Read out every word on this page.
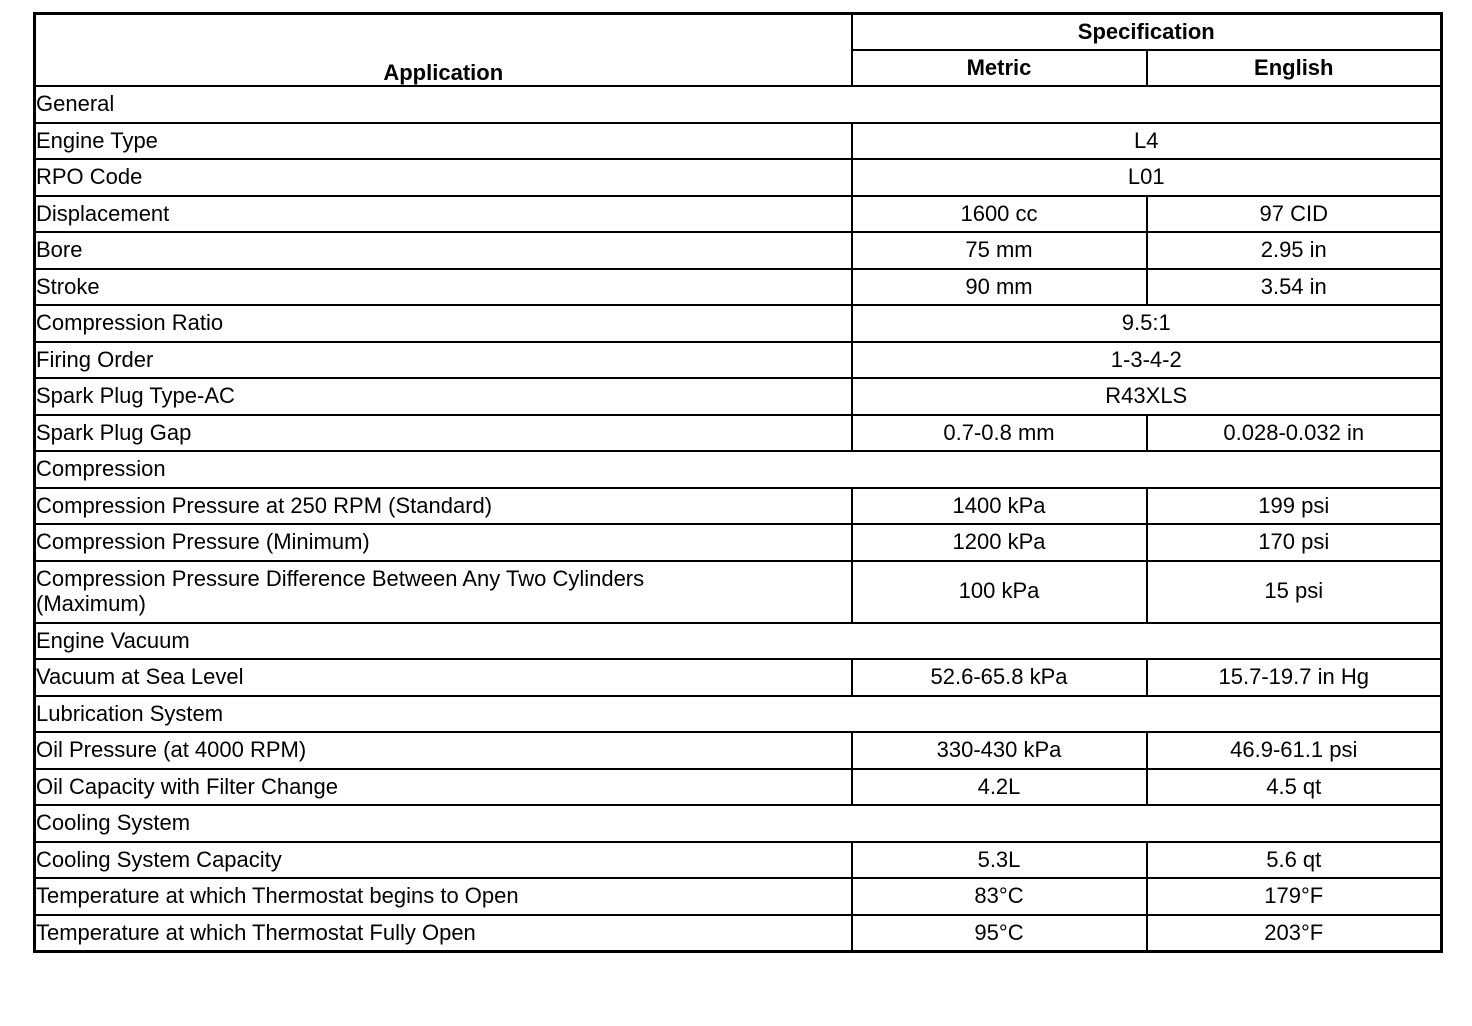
Application	Specification	
	Metric	English
General		
Engine Type	L4	
RPO Code	L01	
Displacement	1600 cc	97 CID
Bore	75 mm	2.95 in
Stroke	90 mm	3.54 in
Compression Ratio	9.5:1	
Firing Order	1-3-4-2	
Spark Plug Type-AC	R43XLS	
Spark Plug Gap	0.7-0.8 mm	0.028-0.032 in
Compression		
Compression Pressure at 250 RPM (Standard)	1400 kPa	199 psi
Compression Pressure (Minimum)	1200 kPa	170 psi
Compression Pressure Difference Between Any Two Cylinders
(Maximum)	100 kPa	15 psi
Engine Vacuum		
Vacuum at Sea Level	52.6-65.8 kPa	15.7-19.7 in Hg
Lubrication System		
Oil Pressure (at 4000 RPM)	330-430 kPa	46.9-61.1 psi
Oil Capacity with Filter Change	4.2L	4.5 qt
Cooling System		
Cooling System Capacity	5.3L	5.6 qt
Temperature at which Thermostat begins to Open	83°C	179°F
Temperature at which Thermostat Fully Open	95°C	203°F
